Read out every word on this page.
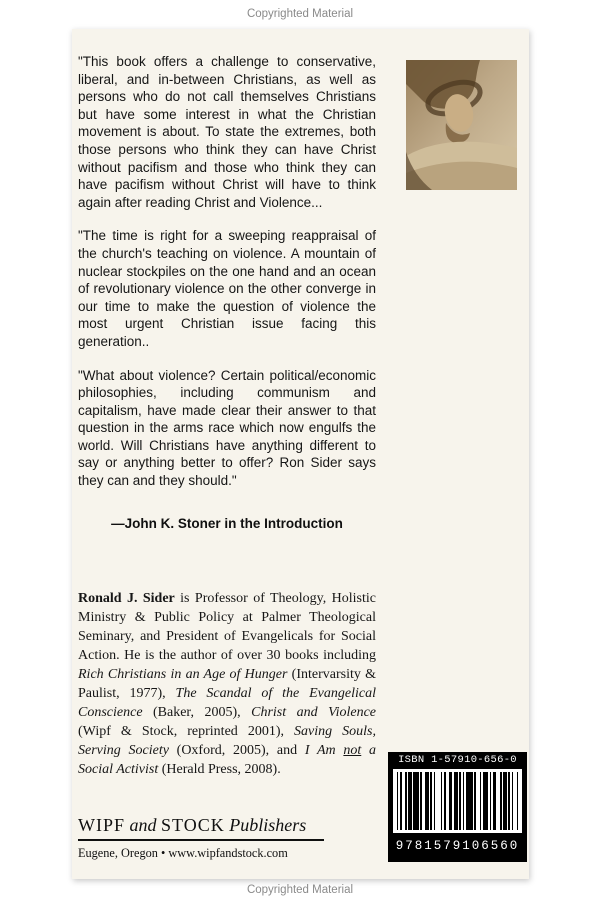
Copyrighted Material

"This book offers a challenge to conservative, liberal, and in-between Christians, as well as persons who do not call themselves Christians but have some interest in what the Christian movement is about. To state the extremes, both those persons who think they can have Christ without pacifism and those who think they can have pacifism without Christ will have to think again after reading Christ and Violence...

"The time is right for a sweeping reappraisal of the church's teaching on violence. A mountain of nuclear stockpiles on the one hand and an ocean of revolutionary violence on the other converge in our time to make the question of violence the most urgent Christian issue facing this generation..

"What about violence? Certain political/economic philosophies, including communism and capitalism, have made clear their answer to that question in the arms race which now engulfs the world. Will Christians have anything different to say or anything better to offer? Ron Sider says they can and they should."

—John K. Stoner in the Introduction

Ronald J. Sider is Professor of Theology, Holistic Ministry & Public Policy at Palmer Theological Seminary, and President of Evangelicals for Social Action. He is the author of over 30 books including Rich Christians in an Age of Hunger (Intervarsity & Paulist, 1977), The Scandal of the Evangelical Conscience (Baker, 2005), Christ and Violence (Wipf & Stock, reprinted 2001), Saving Souls, Serving Society (Oxford, 2005), and I Am not a Social Activist (Herald Press, 2008).

WIPF and STOCK Publishers
Eugene, Oregon • www.wipfandstock.com
ISBN 1-57910-656-0
9781579106560
Copyrighted Material
